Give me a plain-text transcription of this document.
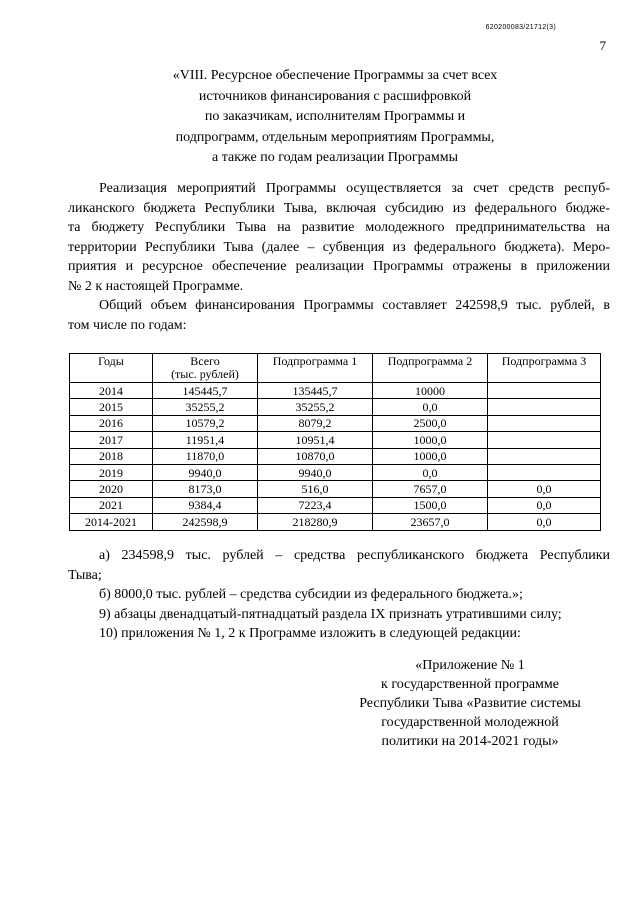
620200083/21712(3)
7
«VIII. Ресурсное обеспечение Программы за счет всех
источников финансирования с расшифровкой
по заказчикам, исполнителям Программы и
подпрограмм, отдельным мероприятиям Программы,
а также по годам реализации Программы
Реализация мероприятий Программы осуществляется за счет средств респуб-
ликанского бюджета Республики Тыва, включая субсидию из федерального бюдже-
та бюджету Республики Тыва на развитие молодежного предпринимательства на
территории Республики Тыва (далее – субвенция из федерального бюджета). Меро-
приятия и ресурсное обеспечение реализации Программы отражены в приложении
№ 2 к настоящей Программе.
Общий объем финансирования Программы составляет 242598,9 тыс. рублей, в
том числе по годам:
Годы	Всего
(тыс. рублей)	Подпрограмма 1	Подпрограмма 2	Подпрограмма 3
2014	145445,7	135445,7	10000	
2015	35255,2	35255,2	0,0	
2016	10579,2	8079,2	2500,0	
2017	11951,4	10951,4	1000,0	
2018	11870,0	10870,0	1000,0	
2019	9940,0	9940,0	0,0	
2020	8173,0	516,0	7657,0	0,0
2021	9384,4	7223,4	1500,0	0,0
2014-2021	242598,9	218280,9	23657,0	0,0
а) 234598,9 тыс. рублей – средства республиканского бюджета Республики
Тыва;
б) 8000,0 тыс. рублей – средства субсидии из федерального бюджета.»;
9) абзацы двенадцатый-пятнадцатый раздела IX признать утратившими силу;
10) приложения № 1, 2 к Программе изложить в следующей редакции:
«Приложение № 1
к государственной программе
Республики Тыва «Развитие системы
государственной молодежной
политики на 2014-2021 годы»
